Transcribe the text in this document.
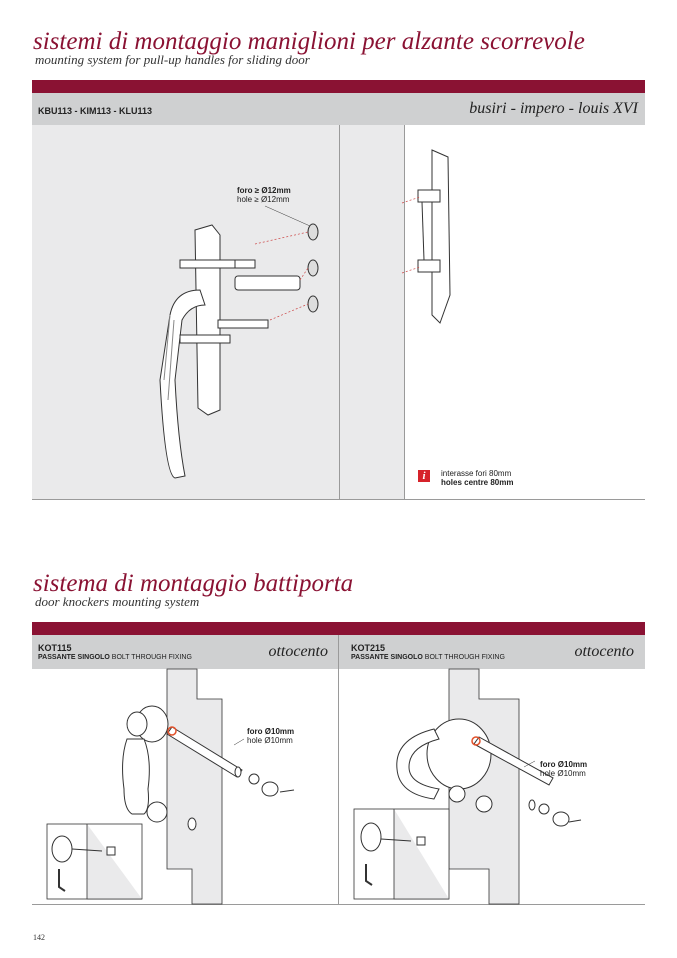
sistemi di montaggio maniglioni per alzante scorrevole
mounting system for pull-up handles for sliding door
KBU113 - KIM113 - KLU113	busiri - impero - louis XVI
foro ≥ Ø12mm
hole ≥ Ø12mm
i	interasse fori 80mm
holes centre 80mm
sistema di montaggio battiporta
door knockers mounting system
KOT115
PASSANTE SINGOLO BOLT THROUGH FIXING	ottocento	KOT215
PASSANTE SINGOLO BOLT THROUGH FIXING	ottocento
foro Ø10mm
hole Ø10mm
foro Ø10mm
hole Ø10mm
142
